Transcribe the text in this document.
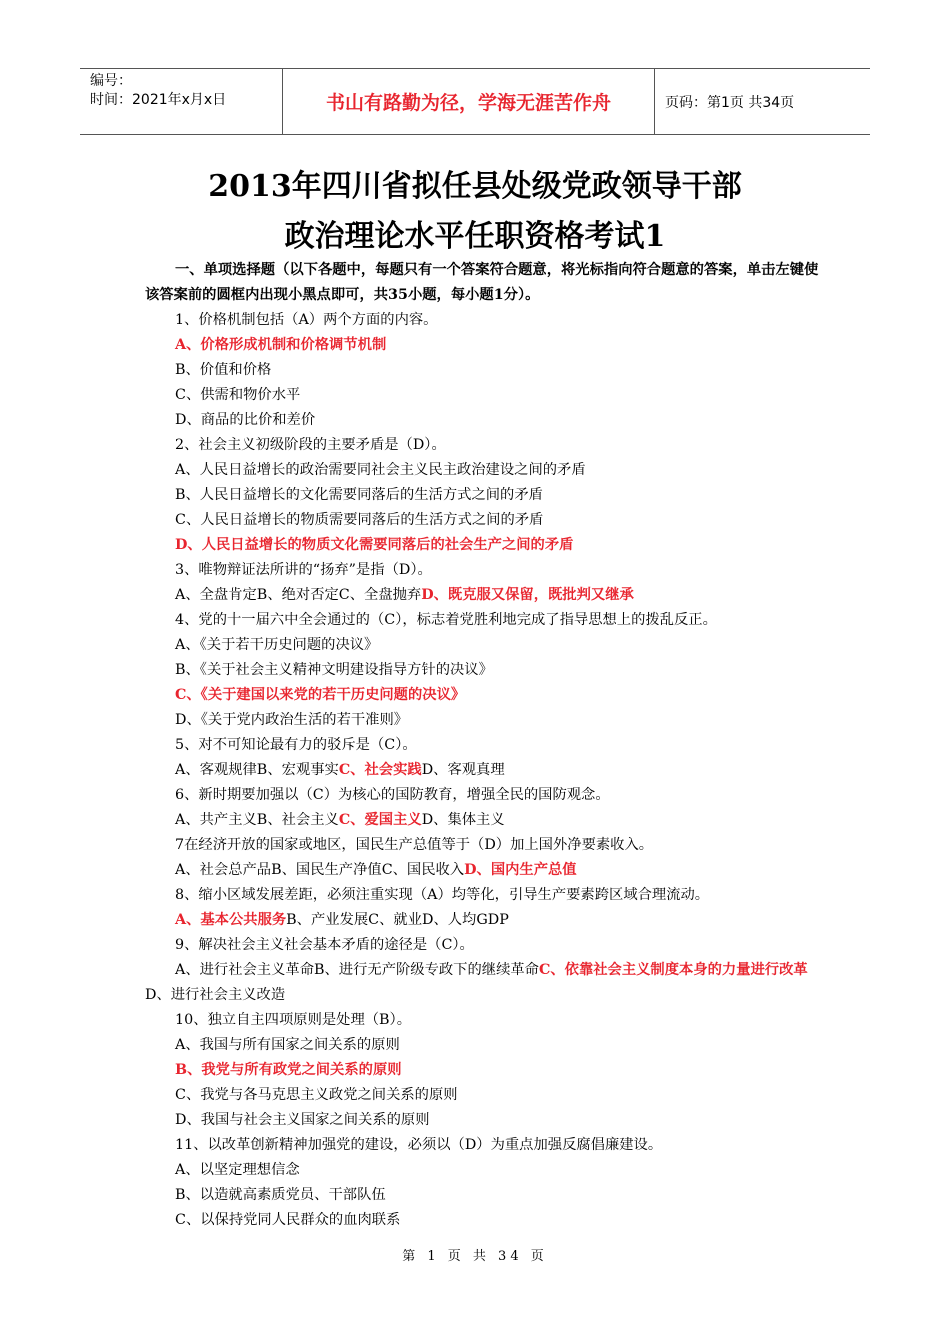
编号：
时间：2021年x月x日	书山有路勤为径，学海无涯苦作舟	页码：第1页 共34页
2013年四川省拟任县处级党政领导干部
政治理论水平任职资格考试1

一、单项选择题（以下各题中，每题只有一个答案符合题意，将光标指向符合题意的答案，单击左键使该答案前的圆框内出现小黑点即可，共35小题，每小题1分）。

1、价格机制包括（A）两个方面的内容。

A、价格形成机制和价格调节机制

B、价值和价格

C、供需和物价水平

D、商品的比价和差价

2、社会主义初级阶段的主要矛盾是（D）。

A、人民日益增长的政治需要同社会主义民主政治建设之间的矛盾

B、人民日益增长的文化需要同落后的生活方式之间的矛盾

C、人民日益增长的物质需要同落后的生活方式之间的矛盾

D、人民日益增长的物质文化需要同落后的社会生产之间的矛盾

3、唯物辩证法所讲的“扬弃”是指（D）。

A、全盘肯定B、绝对否定C、全盘抛弃D、既克服又保留，既批判又继承

4、党的十一届六中全会通过的（C），标志着党胜利地完成了指导思想上的拨乱反正。

A、《关于若干历史问题的决议》

B、《关于社会主义精神文明建设指导方针的决议》

C、《关于建国以来党的若干历史问题的决议》

D、《关于党内政治生活的若干准则》

5、对不可知论最有力的驳斥是（C）。

A、客观规律B、宏观事实C、社会实践D、客观真理

6、新时期要加强以（C）为核心的国防教育，增强全民的国防观念。

A、共产主义B、社会主义C、爱国主义D、集体主义

7在经济开放的国家或地区，国民生产总值等于（D）加上国外净要素收入。

A、社会总产品B、国民生产净值C、国民收入D、国内生产总值

8、缩小区域发展差距，必须注重实现（A）均等化，引导生产要素跨区域合理流动。

A、基本公共服务B、产业发展C、就业D、人均GDP

9、解决社会主义社会基本矛盾的途径是（C）。

A、进行社会主义革命B、进行无产阶级专政下的继续革命C、依靠社会主义制度本身的力量进行改革D、进行社会主义改造

10、独立自主四项原则是处理（B）。

A、我国与所有国家之间关系的原则

B、我党与所有政党之间关系的原则

C、我党与各马克思主义政党之间关系的原则

D、我国与社会主义国家之间关系的原则

11、以改革创新精神加强党的建设，必须以（D）为重点加强反腐倡廉建设。

A、以坚定理想信念

B、以造就高素质党员、干部队伍

C、以保持党同人民群众的血肉联系

第 1 页 共 34 页
